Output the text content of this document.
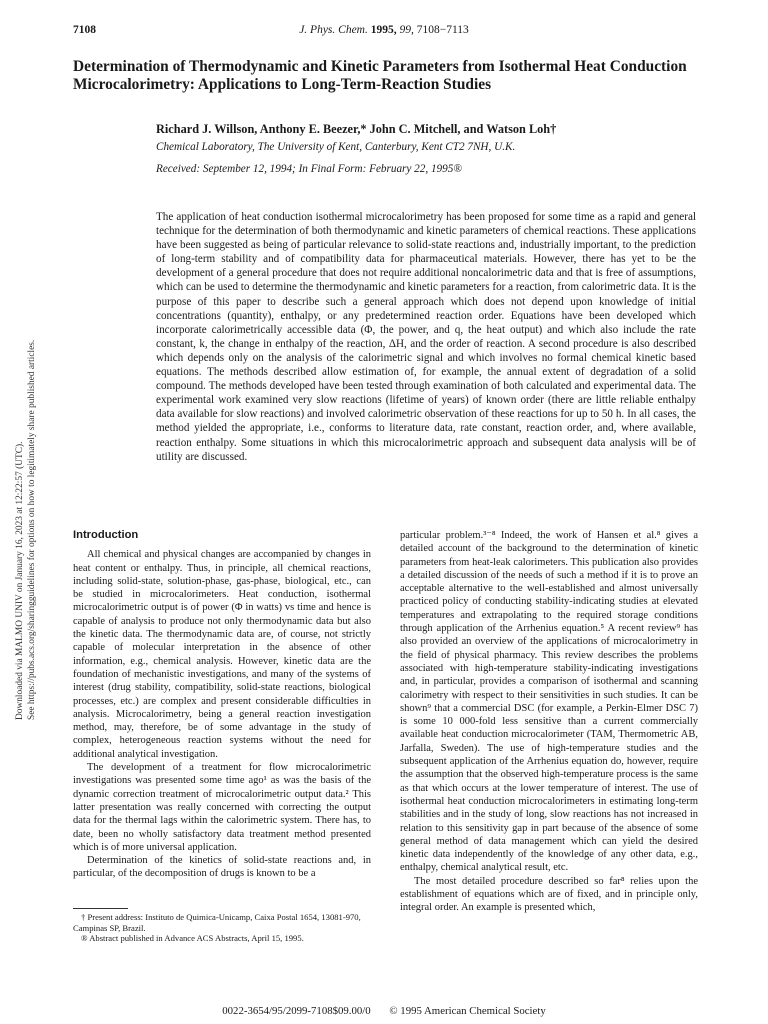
7108	J. Phys. Chem. 1995, 99, 7108−7113
Determination of Thermodynamic and Kinetic Parameters from Isothermal Heat Conduction Microcalorimetry: Applications to Long-Term-Reaction Studies
Richard J. Willson, Anthony E. Beezer,* John C. Mitchell, and Watson Loh†
Chemical Laboratory, The University of Kent, Canterbury, Kent CT2 7NH, U.K.
Received: September 12, 1994; In Final Form: February 22, 1995®
The application of heat conduction isothermal microcalorimetry has been proposed for some time as a rapid and general technique for the determination of both thermodynamic and kinetic parameters of chemical reactions. These applications have been suggested as being of particular relevance to solid-state reactions and, industrially important, to the prediction of long-term stability and of compatibility data for pharmaceutical materials. However, there has yet to be the development of a general procedure that does not require additional noncalorimetric data and that is free of assumptions, which can be used to determine the thermodynamic and kinetic parameters for a reaction, from calorimetric data. It is the purpose of this paper to describe such a general approach which does not depend upon knowledge of initial concentrations (quantity), enthalpy, or any predetermined reaction order. Equations have been developed which incorporate calorimetrically accessible data (Φ, the power, and q, the heat output) and which also include the rate constant, k, the change in enthalpy of the reaction, ΔH, and the order of reaction. A second procedure is also described which depends only on the analysis of the calorimetric signal and which involves no formal chemical kinetic based equations. The methods described allow estimation of, for example, the annual extent of degradation of a solid compound. The methods developed have been tested through examination of both calculated and experimental data. The experimental work examined very slow reactions (lifetime of years) of known order (there are little reliable enthalpy data available for slow reactions) and involved calorimetric observation of these reactions for up to 50 h. In all cases, the method yielded the appropriate, i.e., conforms to literature data, rate constant, reaction order, and, where available, reaction enthalpy. Some situations in which this microcalorimetric approach and subsequent data analysis will be of utility are discussed.
Introduction

All chemical and physical changes are accompanied by changes in heat content or enthalpy. Thus, in principle, all chemical reactions, including solid-state, solution-phase, gas-phase, biological, etc., can be studied in microcalorimeters. Heat conduction, isothermal microcalorimetric output is of power (Φ in watts) vs time and hence is capable of analysis to produce not only thermodynamic data but also the kinetic data. The thermodynamic data are, of course, not strictly capable of molecular interpretation in the absence of other information, e.g., chemical analysis. However, kinetic data are the foundation of mechanistic investigations, and many of the systems of interest (drug stability, compatibility, solid-state reactions, biological processes, etc.) are complex and present considerable difficulties in analysis. Microcalorimetry, being a general reaction investigation method, may, therefore, be of some advantage in the study of complex, heterogeneous reaction systems without the need for additional analytical investigation.

The development of a treatment for flow microcalorimetric investigations was presented some time ago¹ as was the basis of the dynamic correction treatment of microcalorimetric output data.² This latter presentation was really concerned with correcting the output data for the thermal lags within the calorimetric system. There has, to date, been no wholly satisfactory data treatment method presented which is of more universal application.

Determination of the kinetics of solid-state reactions and, in particular, of the decomposition of drugs is known to be a

particular problem.³⁻⁸ Indeed, the work of Hansen et al.⁸ gives a detailed account of the background to the determination of kinetic parameters from heat-leak calorimeters. This publication also provides a detailed discussion of the needs of such a method if it is to prove an acceptable alternative to the well-established and almost universally practiced policy of conducting stability-indicating studies at elevated temperatures and extrapolating to the required storage conditions through application of the Arrhenius equation.⁵ A recent review⁹ has also provided an overview of the applications of microcalorimetry in the field of physical pharmacy. This review describes the problems associated with high-temperature stability-indicating investigations and, in particular, provides a comparison of isothermal and scanning calorimetry with respect to their sensitivities in such studies. It can be shown⁹ that a commercial DSC (for example, a Perkin-Elmer DSC 7) is some 10 000-fold less sensitive than a current commercially available heat conduction microcalorimeter (TAM, Thermometric AB, Jarfalla, Sweden). The use of high-temperature studies and the subsequent application of the Arrhenius equation do, however, require the assumption that the observed high-temperature process is the same as that which occurs at the lower temperature of interest. The use of isothermal heat conduction microcalorimeters in estimating long-term stabilities and in the study of long, slow reactions has not increased in relation to this sensitivity gap in part because of the absence of some general method of data management which can yield the desired kinetic data independently of the knowledge of any other data, e.g., enthalpy, chemical analytical result, etc.

The most detailed procedure described so far⁸ relies upon the establishment of equations which are of fixed, and in principle only, integral order. An example is presented which,

† Present address: Instituto de Quimica-Unicamp, Caixa Postal 1654, 13081-970, Campinas SP, Brazil.

® Abstract published in Advance ACS Abstracts, April 15, 1995.

0022-3654/95/2099-7108$09.00/0 © 1995 American Chemical Society
Downloaded via MALMO UNIV on January 16, 2023 at 12:22:57 (UTC). See https://pubs.acs.org/sharingguidelines for options on how to legitimately share published articles.
